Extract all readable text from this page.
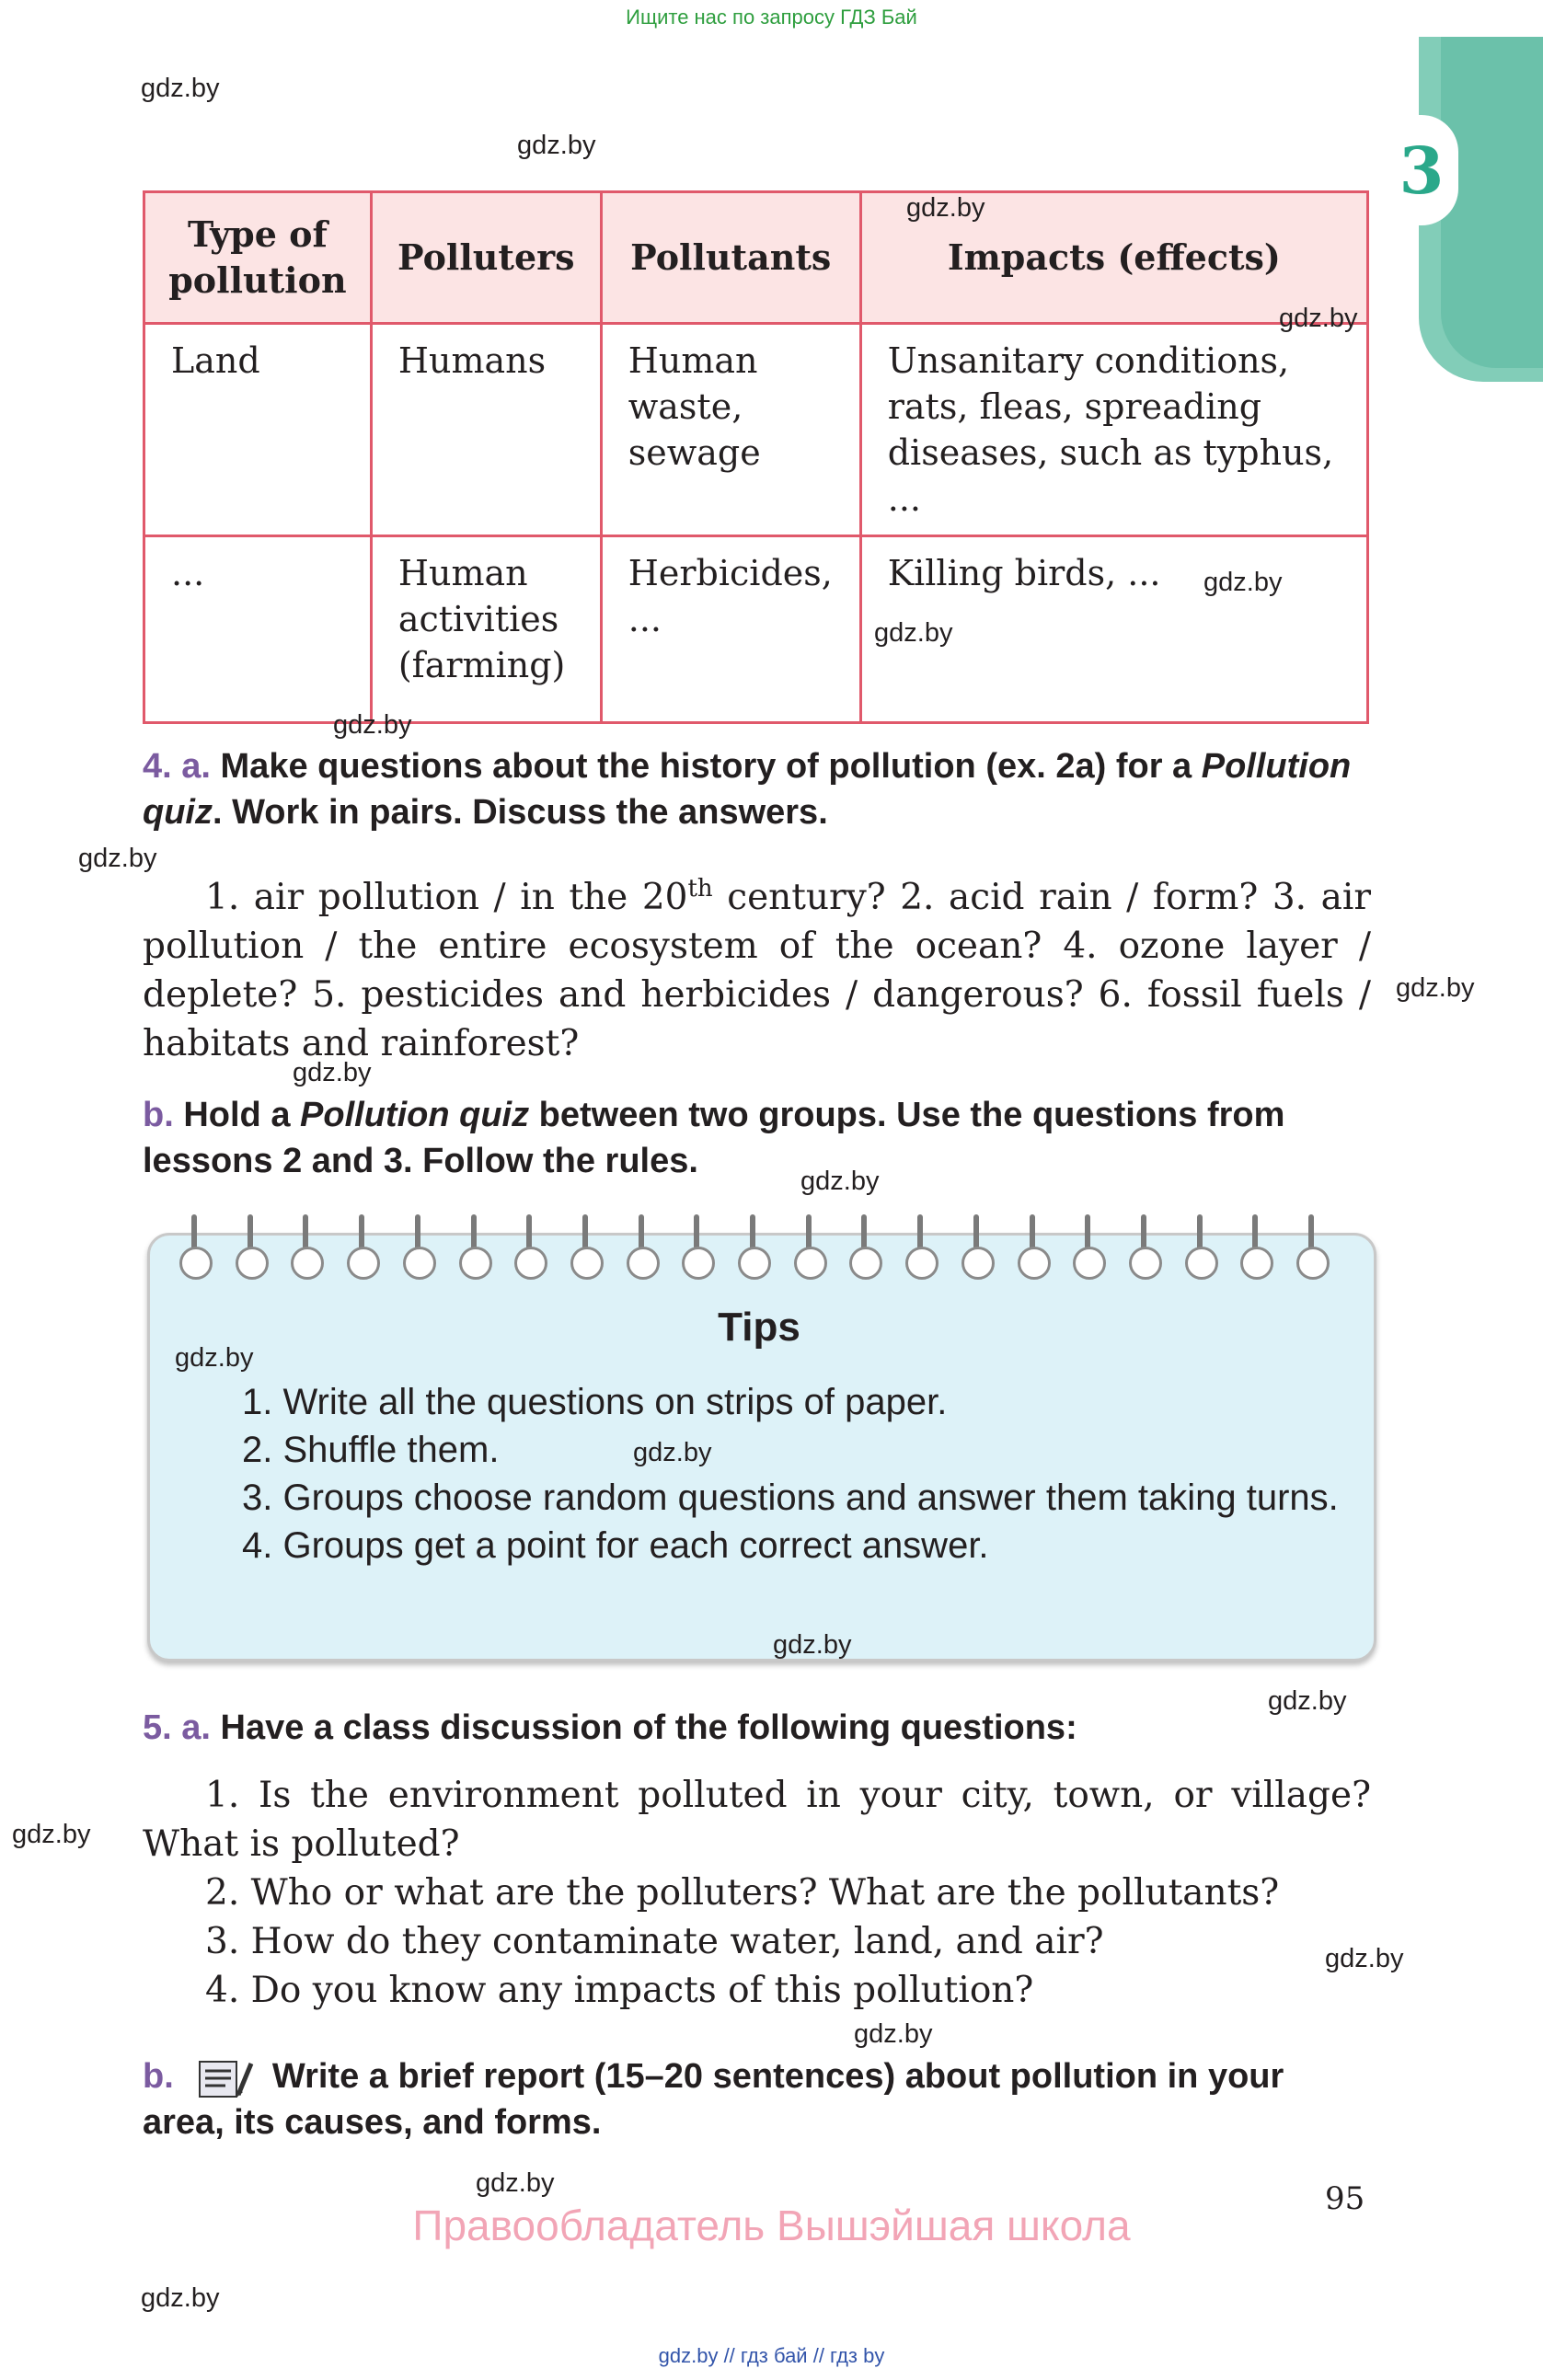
Ищите нас по запросу ГДЗ Бай
3
Type of pollution	Polluters	Pollutants	Impacts (effects)
Land	Humans	Human waste, sewage	Unsanitary conditions, rats, fleas, spreading diseases, such as typhus, ...
...	Human activities (farming)	Herbicides, ...	Killing birds, ...
4. a. Make questions about the history of pollution (ex. 2a) for a Pollution quiz. Work in pairs. Discuss the answers.
1. air pollution / in the 20th century? 2. acid rain / form? 3. air pollution / the entire ecosystem of the ocean? 4. ozone layer / deplete? 5. pesticides and herbicides / dangerous? 6. fossil fuels / habitats and rainforest?
b. Hold a Pollution quiz between two groups. Use the questions from lessons 2 and 3. Follow the rules.
Tips
1. Write all the questions on strips of paper.
2. Shuffle them.
3. Groups choose random questions and answer them taking turns.
4. Groups get a point for each correct answer.
5. a. Have a class discussion of the following questions:
1. Is the environment polluted in your city, town, or village? What is polluted?
2. Who or what are the polluters? What are the pollutants?
3. How do they contaminate water, land, and air?
4. Do you know any impacts of this pollution?
b.	Write a brief report (15–20 sentences) about pollution in your area, its causes, and forms.
95
Правообладатель Вышэйшая школа
gdz.by
gdz.by
gdz.by
gdz.by
gdz.by
gdz.by
gdz.by
gdz.by
gdz.by
gdz.by
gdz.by
gdz.by
gdz.by
gdz.by
gdz.by
gdz.by
gdz.by
gdz.by
gdz.by
gdz.by
gdz.by // гдз бай // гдз by
